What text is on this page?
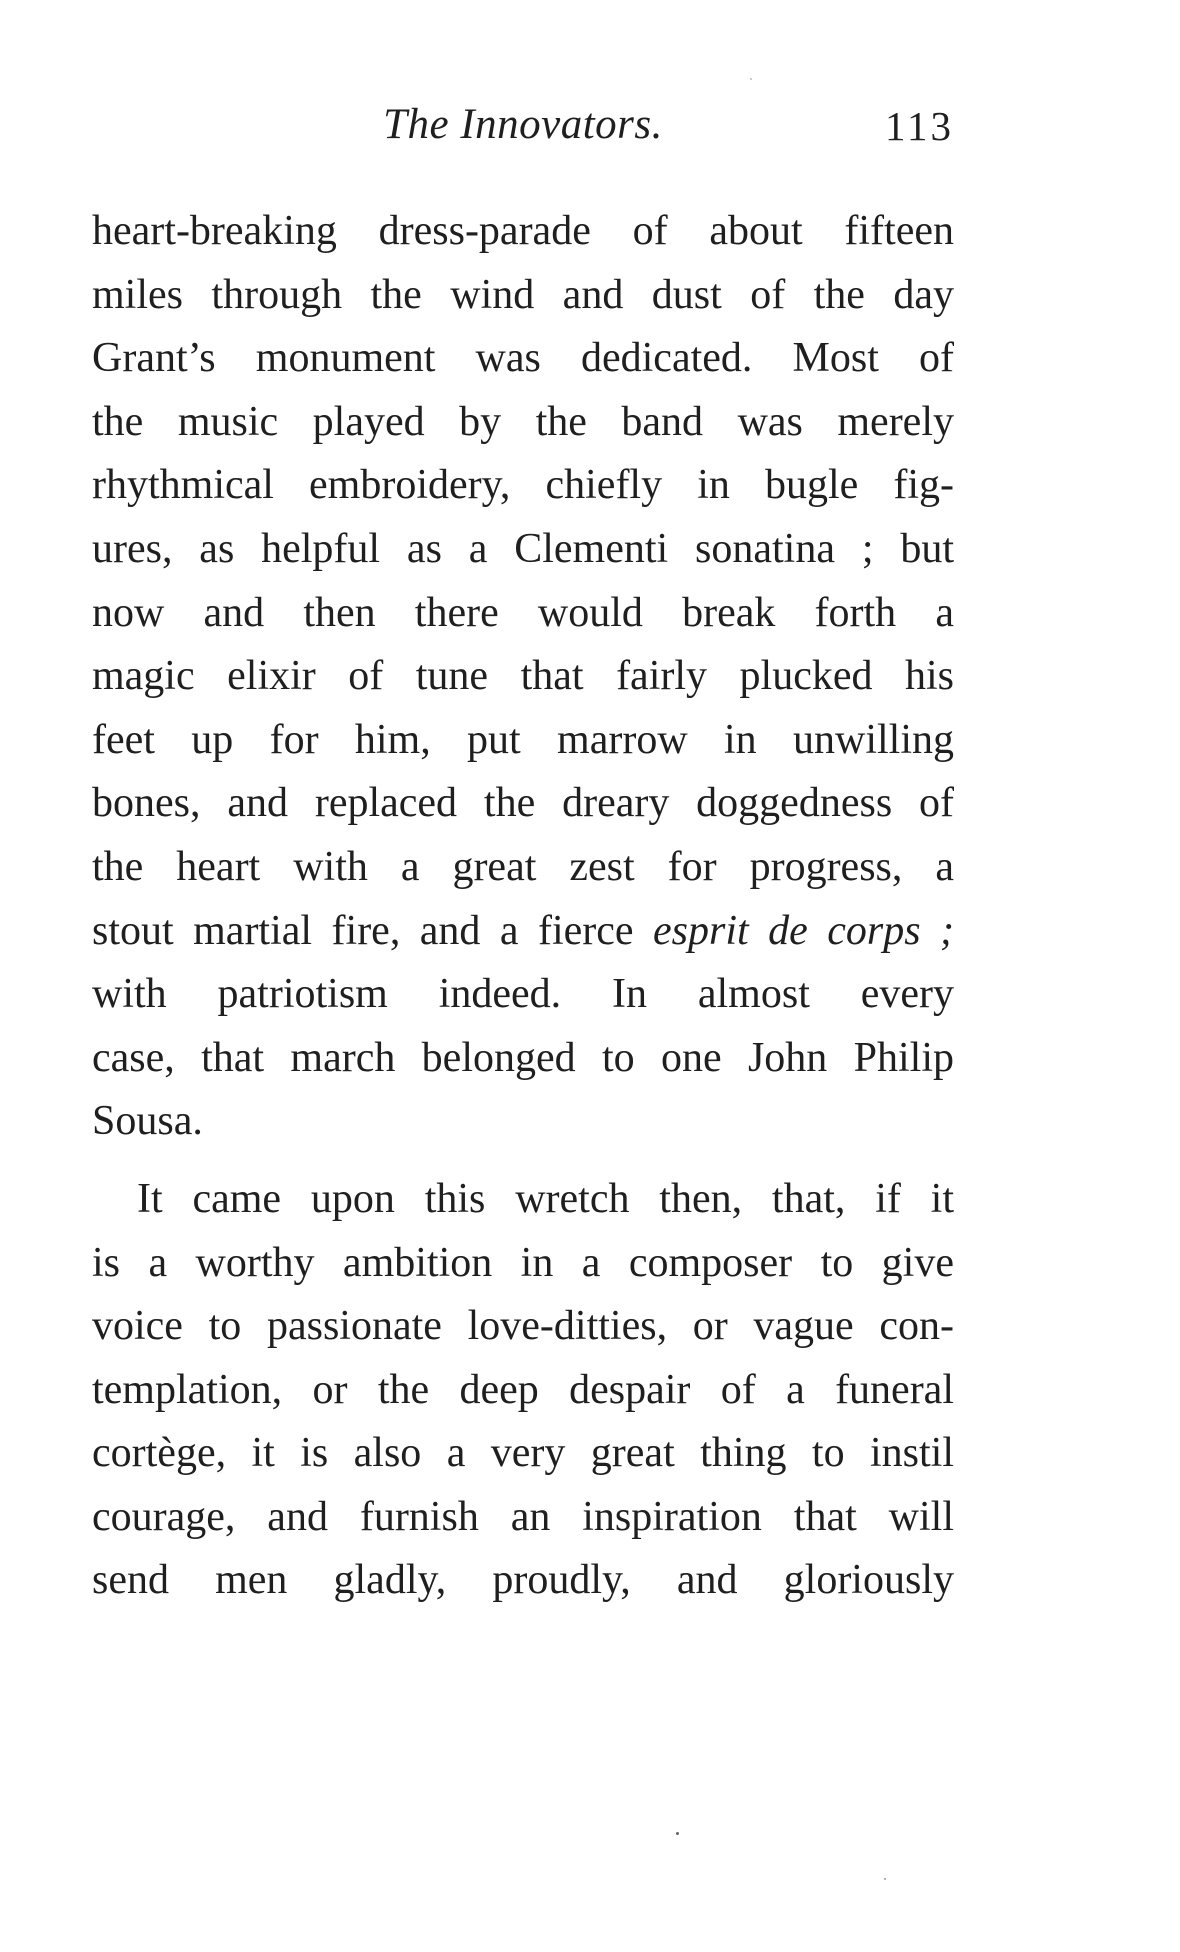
The Innovators.	113
heart-breaking dress-parade of about fifteen
miles through the wind and dust of the day
Grant’s monument was dedicated. Most of
the music played by the band was merely
rhythmical embroidery, chiefly in bugle fig-
ures, as helpful as a Clementi sonatina ; but
now and then there would break forth a
magic elixir of tune that fairly plucked his
feet up for him, put marrow in unwilling
bones, and replaced the dreary doggedness of
the heart with a great zest for progress, a
stout martial fire, and a fierce esprit de corps ;
with patriotism indeed. In almost every
case, that march belonged to one John Philip
Sousa.
It came upon this wretch then, that, if it
is a worthy ambition in a composer to give
voice to passionate love-ditties, or vague con-
templation, or the deep despair of a funeral
cortège, it is also a very great thing to instil
courage, and furnish an inspiration that will
send men gladly, proudly, and gloriously
